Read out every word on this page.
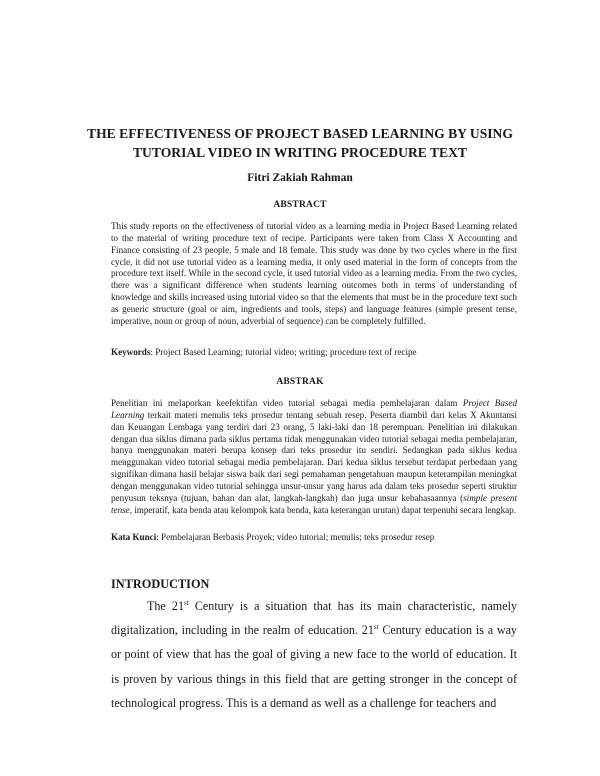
THE EFFECTIVENESS OF PROJECT BASED LEARNING BY USING TUTORIAL VIDEO IN WRITING PROCEDURE TEXT

Fitri Zakiah Rahman

ABSTRACT

This study reports on the effectiveness of tutorial video as a learning media in Project Based Learning related to the material of writing procedure text of recipe. Participants were taken from Class X Accounting and Finance consisting of 23 people, 5 male and 18 female. This study was done by two cycles where in the first cycle, it did not use tutorial video as a learning media, it only used material in the form of concepts from the procedure text itself. While in the second cycle, it used tutorial video as a learning media. From the two cycles, there was a significant difference when students learning outcomes both in terms of understanding of knowledge and skills increased using tutorial video so that the elements that must be in the procedure text such as generic structure (goal or aim, ingredients and tools, steps) and language features (simple present tense, imperative, noun or group of noun, adverbial of sequence) can be completely fulfilled.

Keywords: Project Based Learning; tutorial video; writing; procedure text of recipe

ABSTRAK

Penelitian ini melaporkan keefektifan video tutorial sebagai media pembelajaran dalam Project Based Learning terkait materi menulis teks prosedur tentang sebuah resep. Peserta diambil dari kelas X Akuntansi dan Keuangan Lembaga yang terdiri dari 23 orang, 5 laki-laki dan 18 perempuan. Penelitian ini dilakukan dengan dua siklus dimana pada siklus pertama tidak menggunakan video tutorial sebagai media pembelajaran, hanya menggunakan materi berupa konsep dari teks prosedur itu sendiri. Sedangkan pada siklus kedua menggunakan video tutorial sebagai media pembelajaran. Dari kedua siklus tersebut terdapat perbedaan yang signifikan dimana hasil belajar siswa baik dari segi pemahaman pengetahuan maupun keterampilan meningkat dengan menggunakan video tutorial sehingga unsur-unsur yang harus ada dalam teks prosedur seperti struktur penyusun teksnya (tujuan, bahan dan alat, langkah-langkah) dan juga unsur kebahasaannya (simple present tense, imperatif, kata benda atau kelompok kata benda, kata keterangan urutan) dapat terpenuhi secara lengkap.

Kata Kunci: Pembelajaran Berbasis Proyek; video tutorial; menulis; teks prosedur resep

INTRODUCTION

The 21st Century is a situation that has its main characteristic, namely digitalization, including in the realm of education. 21st Century education is a way or point of view that has the goal of giving a new face to the world of education. It is proven by various things in this field that are getting stronger in the concept of technological progress. This is a demand as well as a challenge for teachers and
